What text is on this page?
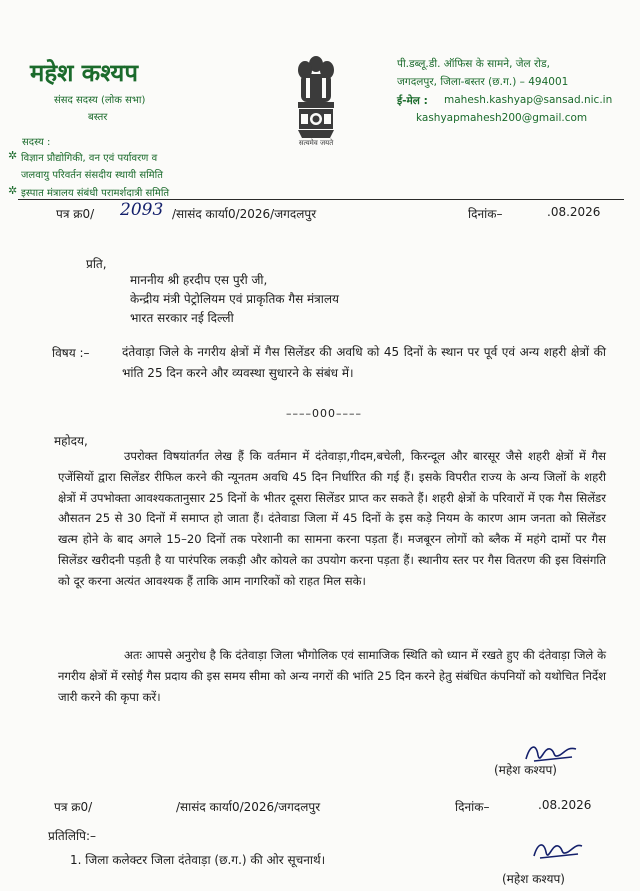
महेश कश्यप

संसद सदस्य (लोक सभा)

बस्तर

सदस्य :

✲ विज्ञान प्रौद्योगिकी, वन एवं पर्यावरण व

जलवायु परिवर्तन संसदीय स्थायी समिति

✲ इस्पात मंत्रालय संबंधी परामर्शदात्री समिति

सत्यमेव जयते

पी.डब्लू.डी. ऑफिस के सामने, जेल रोड,

जगदलपुर, जिला-बस्तर (छ.ग.) – 494001

ई-मेल : mahesh.kashyap@sansad.nic.in

kashyapmahesh200@gmail.com

पत्र क्र0/ 2093 /सासंद कार्या0/2026/जगदलपुर	दिनांक–	.08.2026

प्रति,

माननीय श्री हरदीप एस पुरी जी,

केन्द्रीय मंत्री पेट्रोलियम एवं प्राकृतिक गैस मंत्रालय

भारत सरकार नई दिल्ली

विषय :–	दंतेवाड़ा जिले के नगरीय क्षेत्रों में गैस सिलेंडर की अवधि को 45 दिनों के स्थान पर पूर्व एवं अन्य शहरी क्षेत्रों की भांति 25 दिन करने और व्यवस्था सुधारने के संबंध में।

––––000––––

महोदय,

उपरोक्त विषयांतर्गत लेख हैं कि वर्तमान में दंतेवाड़ा,गीदम,बचेली, किरन्दूल और बारसूर जैसे शहरी क्षेत्रों में गैस एजेंसियों द्वारा सिलेंडर रीफिल करने की न्यूनतम अवधि 45 दिन निर्धारित की गई हैं। इसके विपरीत राज्य के अन्य जिलों के शहरी क्षेत्रों में उपभोक्ता आवश्यकतानुसार 25 दिनों के भीतर दूसरा सिलेंडर प्राप्त कर सकते हैं। शहरी क्षेत्रों के परिवारों में एक गैस सिलेंडर औसतन 25 से 30 दिनों में समाप्त हो जाता हैं। दंतेवाडा जिला में 45 दिनों के इस कड़े नियम के कारण आम जनता को सिलेंडर खत्म होने के बाद अगले 15–20 दिनों तक परेशानी का सामना करना पड़ता हैं। मजबूरन लोगों को ब्लैक में महंगे दामों पर गैस सिलेंडर खरीदनी पड़ती है या पारंपरिक लकड़ी और कोयले का उपयोग करना पड़ता हैं। स्थानीय स्तर पर गैस वितरण की इस विसंगति को दूर करना अत्यंत आवश्यक हैं ताकि आम नागरिकों को राहत मिल सके।

अतः आपसे अनुरोध है कि दंतेवाड़ा जिला भौगोलिक एवं सामाजिक स्थिति को ध्यान में रखते हुए की दंतेवाड़ा जिले के नगरीय क्षेत्रों में रसोई गैस प्रदाय की इस समय सीमा को अन्य नगरों की भांति 25 दिन करने हेतु संबंधित कंपनियों को यथोचित निर्देश जारी करने की कृपा करें।

(महेश कश्यप)

पत्र क्र0/	/सासंद कार्या0/2026/जगदलपुर	दिनांक–	.08.2026

प्रतिलिपि:–

1. जिला कलेक्टर जिला दंतेवाड़ा (छ.ग.) की ओर सूचनार्थ।

(महेश कश्यप)
